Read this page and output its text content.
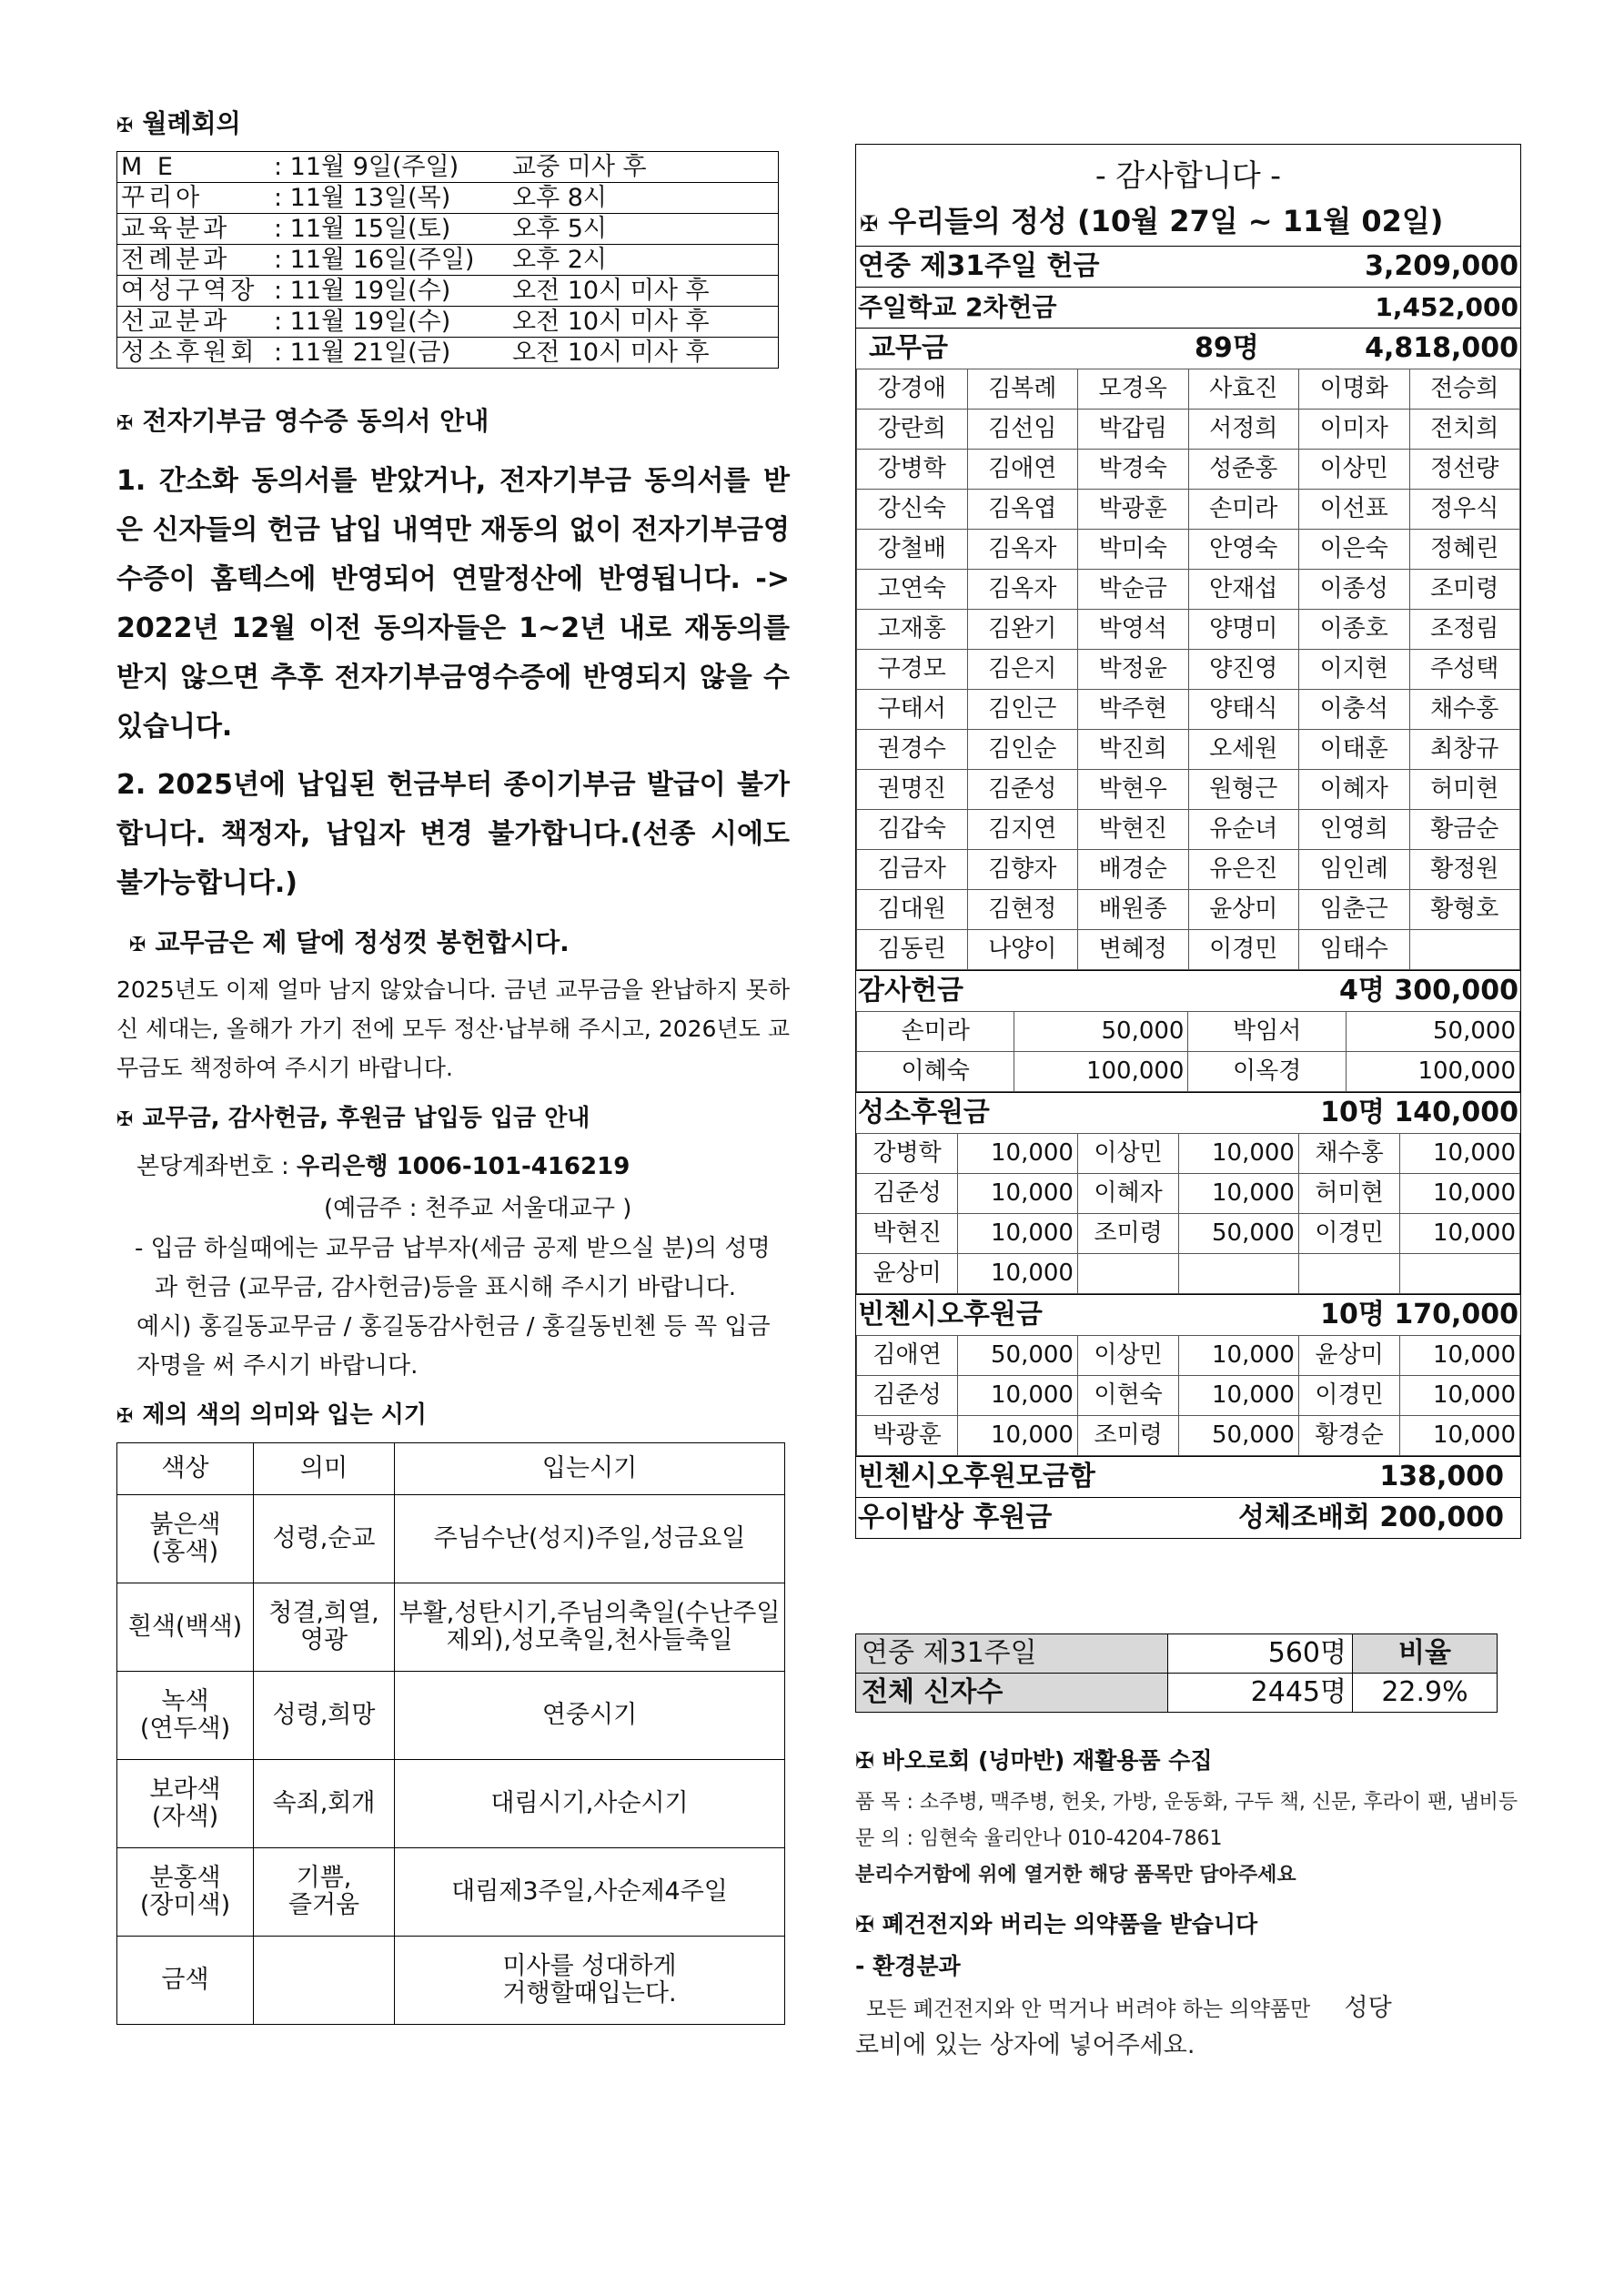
✠ 월례회의
M E	: 11월 9일(주일) 교중 미사 후
꾸리아	: 11월 13일(목)	오후 8시
교육분과 : 11월 15일(토)	오후 5시
전례분과 : 11월 16일(주일) 오후 2시
여성구역장 : 11월 19일(수)	오전 10시 미사 후
선교분과 : 11월 19일(수)	오전 10시 미사 후
성소후원회 : 11월 21일(금)	오전 10시 미사 후
✠ 전자기부금 영수증 동의서 안내

1. 간소화 동의서를 받았거나, 전자기부금 동의서를 받은 신자들의 헌금 납입 내역만 재동의 없이 전자기부금영수증이 홈텍스에 반영되어 연말정산에 반영됩니다. -> 2022년 12월 이전 동의자들은 1~2년 내로 재동의를 받지 않으면 추후 전자기부금영수증에 반영되지 않을 수 있습니다.

2. 2025년에 납입된 헌금부터 종이기부금 발급이 불가합니다. 책정자, 납입자 변경 불가합니다.(선종 시에도 불가능합니다.)

✠ 교무금은 제 달에 정성껏 봉헌합시다.

2025년도 이제 얼마 남지 않았습니다. 금년 교무금을 완납하지 못하신 세대는, 올해가 가기 전에 모두 정산·납부해 주시고, 2026년도 교무금도 책정하여 주시기 바랍니다.

✠ 교무금, 감사헌금, 후원금 납입등 입금 안내
본당계좌번호 : 우리은행 1006-101-416219
(예금주 : 천주교 서울대교구 )

- 입금 하실때에는 교무금 납부자(세금 공제 받으실 분)의 성명과 헌금 (교무금, 감사헌금)등을 표시해 주시기 바랍니다.

예시) 홍길동교무금 / 홍길동감사헌금 / 홍길동빈첸 등 꼭 입금자명을 써 주시기 바랍니다.

✠ 제의 색의 의미와 입는 시기
색상	의미	입는시기
붉은색
(홍색)	성령,순교	주님수난(성지)주일,성금요일
흰색(백색)	청결,희열,
영광	부활,성탄시기,주님의축일(수난주일제외),성모축일,천사들축일
녹색
(연두색)	성령,희망	연중시기
보라색
(자색)	속죄,회개	대림시기,사순시기
분홍색
(장미색)	기쁨,
즐거움	대림제3주일,사순제4주일
금색		미사를 성대하게
거행할때입는다.
- 감사합니다 -
✠ 우리들의 정성 (10월 27일 ~ 11월 02일)
연중 제31주일 헌금	3,209,000
주일학교 2차헌금	1,452,000
교무금	89명	4,818,000
강경애	김복례	모경옥	사효진	이명화	전승희
강란희	김선임	박갑림	서정희	이미자	전치희
강병학	김애연	박경숙	성준홍	이상민	정선량
강신숙	김옥엽	박광훈	손미라	이선표	정우식
강철배	김옥자	박미숙	안영숙	이은숙	정혜린
고연숙	김옥자	박순금	안재섭	이종성	조미령
고재홍	김완기	박영석	양명미	이종호	조정림
구경모	김은지	박정윤	양진영	이지현	주성택
구태서	김인근	박주현	양태식	이충석	채수홍
권경수	김인순	박진희	오세원	이태훈	최창규
권명진	김준성	박현우	원형근	이혜자	허미현
김갑숙	김지연	박현진	유순녀	인영희	황금순
김금자	김향자	배경순	유은진	임인례	황정원
김대원	김현정	배원종	윤상미	임춘근	황형호
김동린	나양이	변혜정	이경민	임태수	
감사헌금	4명 300,000
손미라	50,000	박임서	50,000
이혜숙	100,000	이옥경	100,000
성소후원금	10명 140,000
강병학	10,000	이상민	10,000	채수홍	10,000
김준성	10,000	이혜자	10,000	허미현	10,000
박현진	10,000	조미령	50,000	이경민	10,000
윤상미	10,000				
빈첸시오후원금	10명 170,000
김애연	50,000	이상민	10,000	윤상미	10,000
김준성	10,000	이현숙	10,000	이경민	10,000
박광훈	10,000	조미령	50,000	황경순	10,000
빈첸시오후원모금함	138,000
우이밥상 후원금	성체조배회 200,000
연중 제31주일	560명	비율
전체 신자수	2445명	22.9%

✠ 바오로회 (넝마반) 재활용품 수집

품 목 : 소주병, 맥주병, 헌옷, 가방, 운동화, 구두 책, 신문, 후라이 팬, 냄비등

문 의 : 임현숙 율리안나 010-4204-7861

분리수거함에 위에 열거한 해당 품목만 담아주세요

✠ 폐건전지와 버리는 의약품을 받습니다

- 환경분과

모든 폐건전지와 안 먹거나 버려야 하는 의약품만 성당

로비에 있는 상자에 넣어주세요.
